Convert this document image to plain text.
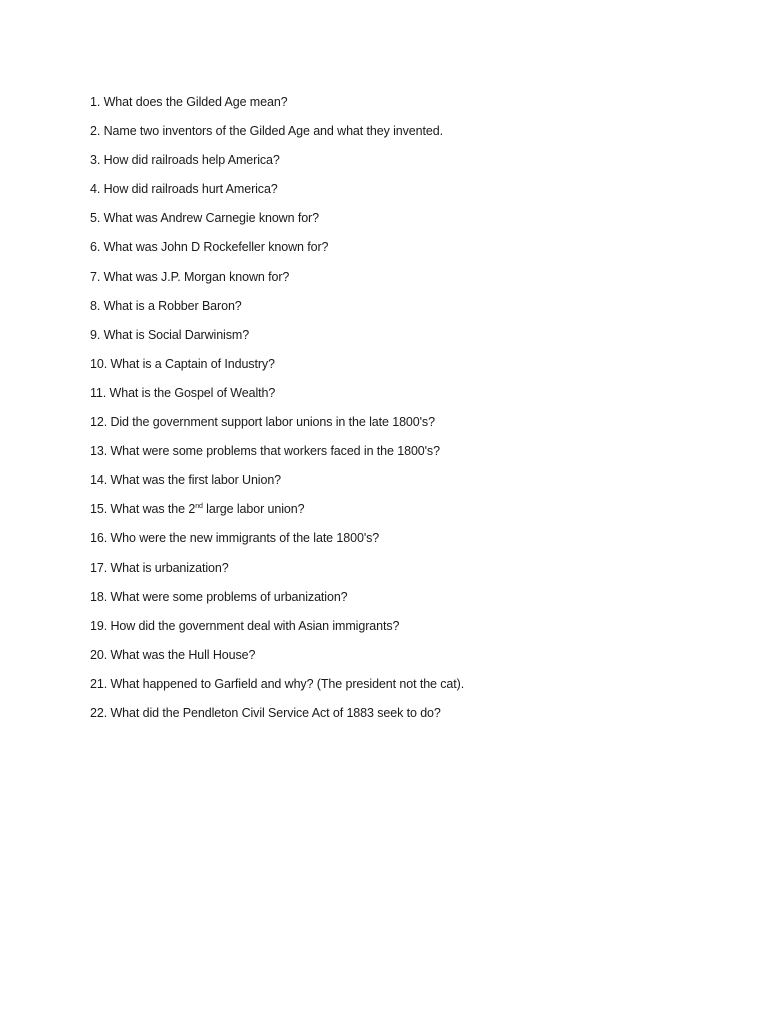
1. What does the Gilded Age mean?
2. Name two inventors of the Gilded Age and what they invented.
3. How did railroads help America?
4. How did railroads hurt America?
5. What was Andrew Carnegie known for?
6. What was John D Rockefeller known for?
7. What was J.P. Morgan known for?
8. What is a Robber Baron?
9. What is Social Darwinism?
10. What is a Captain of Industry?
11. What is the Gospel of Wealth?
12. Did the government support labor unions in the late 1800's?
13. What were some problems that workers faced in the 1800's?
14. What was the first labor Union?
15. What was the 2nd large labor union?
16. Who were the new immigrants of the late 1800's?
17. What is urbanization?
18. What were some problems of urbanization?
19. How did the government deal with Asian immigrants?
20. What was the Hull House?
21. What happened to Garfield and why? (The president not the cat).
22. What did the Pendleton Civil Service Act of 1883 seek to do?
